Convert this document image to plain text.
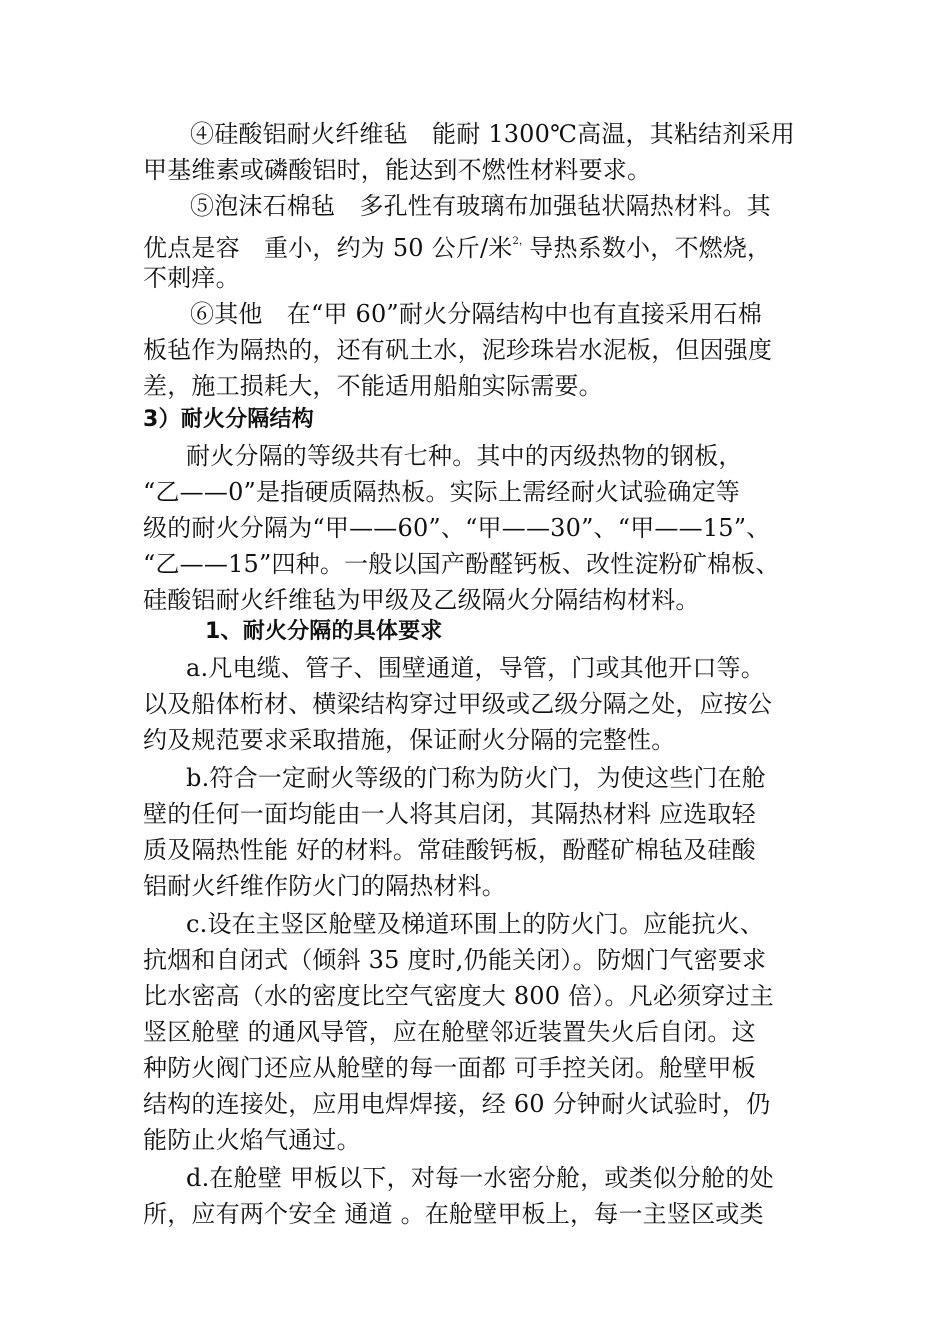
④硅酸铝耐火纤维毡　能耐 1300℃高温，其粘结剂采用
甲基维素或磷酸铝时，能达到不燃性材料要求。
⑤泡沫石棉毡　多孔性有玻璃布加强毡状隔热材料。其
优点是容　重小，约为 50 公斤/米$^{2,}$导热系数小，不燃烧，
不刺痒。
⑥其他　在“甲 60”耐火分隔结构中也有直接采用石棉
板毡作为隔热的，还有矾土水，泥珍珠岩水泥板，但因强度
差，施工损耗大，不能适用船舶实际需要。
3）耐火分隔结构
耐火分隔的等级共有七种。其中的丙级热物的钢板，
“乙——0”是指硬质隔热板。实际上需经耐火试验确定等
级的耐火分隔为“甲——60”、“甲——30”、“甲——15”、
“乙——15”四种。一般以国产酚醛钙板、改性淀粉矿棉板、
硅酸铝耐火纤维毡为甲级及乙级隔火分隔结构材料。
1、耐火分隔的具体要求
a.凡电缆、管子、围壁通道，导管，门或其他开口等。
以及船体桁材、横梁结构穿过甲级或乙级分隔之处，应按公
约及规范要求采取措施，保证耐火分隔的完整性。
b.符合一定耐火等级的门称为防火门，为使这些门在舱
壁的任何一面均能由一人将其启闭，其隔热材料 应选取轻
质及隔热性能 好的材料。常硅酸钙板，酚醛矿棉毡及硅酸
铝耐火纤维作防火门的隔热材料。
c.设在主竖区舱壁及梯道环围上的防火门。应能抗火、
抗烟和自闭式（倾斜 35 度时,仍能关闭）。防烟门气密要求
比水密高（水的密度比空气密度大 800 倍）。凡必须穿过主
竖区舱壁 的通风导管，应在舱壁邻近装置失火后自闭。这
种防火阀门还应从舱壁的每一面都 可手控关闭。舱壁甲板
结构的连接处，应用电焊焊接，经 60 分钟耐火试验时，仍
能防止火焰气通过。
d.在舱壁 甲板以下，对每一水密分舱，或类似分舱的处
所，应有两个安全 通道 。在舱壁甲板上，每一主竖区或类
